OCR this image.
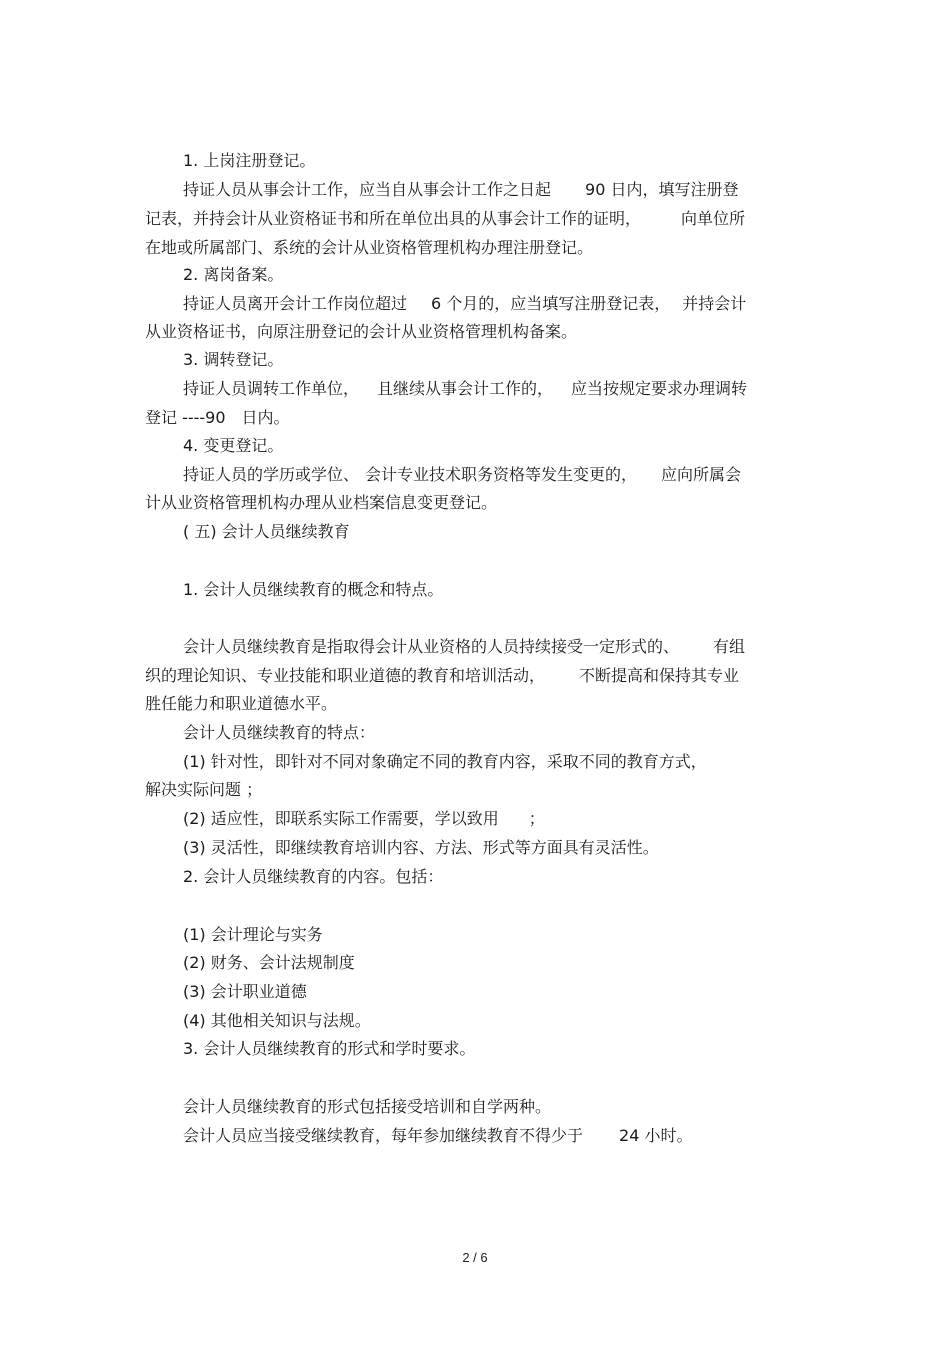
1. 上岗注册登记。
持证人员从事会计工作，应当自从事会计工作之日起 90 日内，填写注册登
记表，并持会计从业资格证书和所在单位出具的从事会计工作的证明，	向单位所
在地或所属部门、系统的会计从业资格管理机构办理注册登记。
2. 离岗备案。
持证人员离开会计工作岗位超过 6 个月的，应当填写注册登记表， 并持会计
从业资格证书，向原注册登记的会计从业资格管理机构备案。
3. 调转登记。
持证人员调转工作单位， 且继续从事会计工作的， 应当按规定要求办理调转
登记 ----90 日内。
4. 变更登记。
持证人员的学历或学位、 会计专业技术职务资格等发生变更的， 应向所属会
计从业资格管理机构办理从业档案信息变更登记。
( 五) 会计人员继续教育
1. 会计人员继续教育的概念和特点。
会计人员继续教育是指取得会计从业资格的人员持续接受一定形式的、 有组
织的理论知识、专业技能和职业道德的教育和培训活动， 不断提高和保持其专业
胜任能力和职业道德水平。
会计人员继续教育的特点：
(1) 针对性，即针对不同对象确定不同的教育内容，采取不同的教育方式，
解决实际问题 ；
(2) 适应性，即联系实际工作需要，学以致用 ；
(3) 灵活性，即继续教育培训内容、方法、形式等方面具有灵活性。
2. 会计人员继续教育的内容。包括：
(1) 会计理论与实务
(2) 财务、会计法规制度
(3) 会计职业道德
(4) 其他相关知识与法规。
3. 会计人员继续教育的形式和学时要求。
会计人员继续教育的形式包括接受培训和自学两种。
会计人员应当接受继续教育，每年参加继续教育不得少于 24 小时。
2 / 6
